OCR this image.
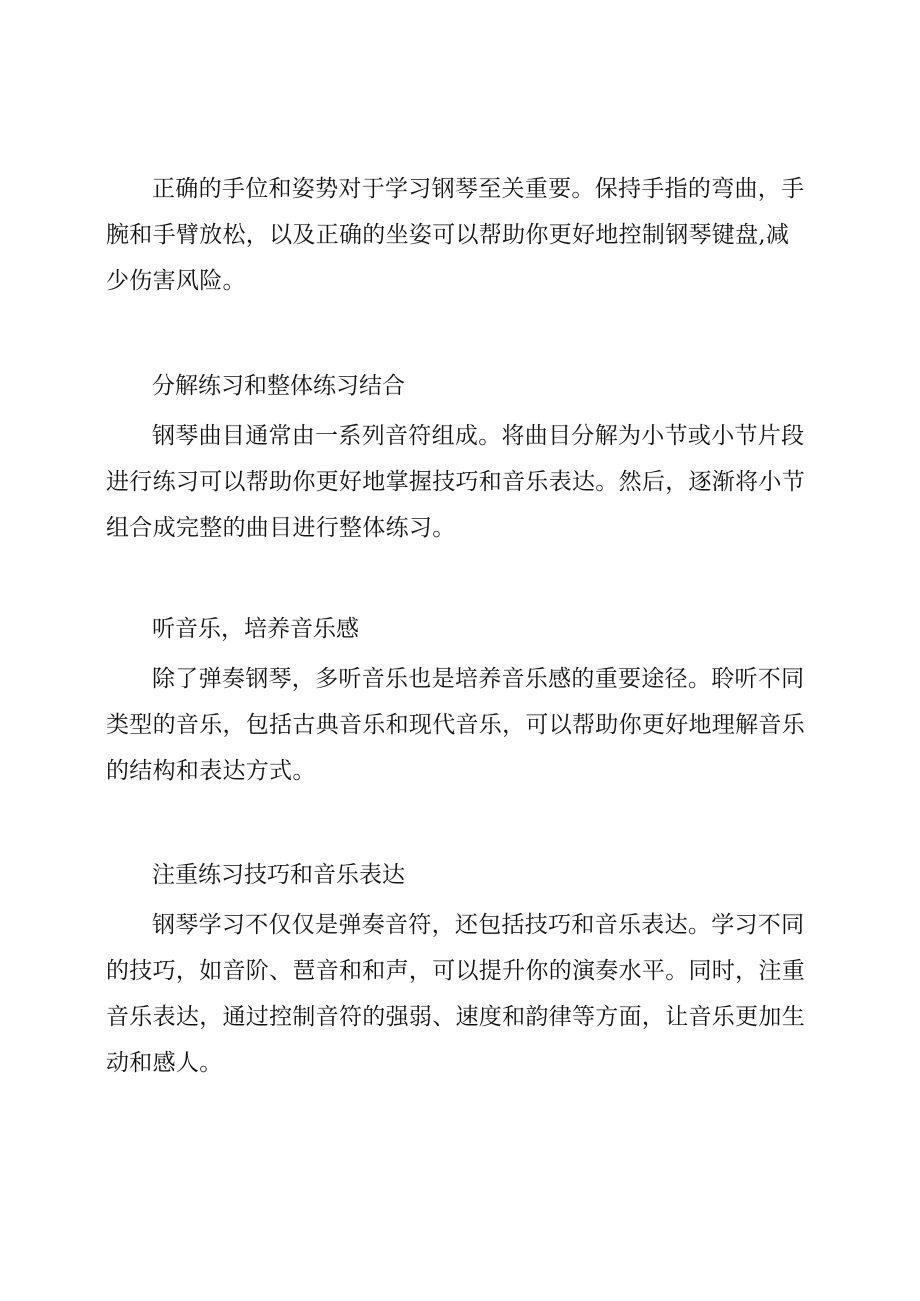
正确的手位和姿势对于学习钢琴至关重要。保持手指的弯曲，手腕和手臂放松，以及正确的坐姿可以帮助你更好地控制钢琴键盘,减少伤害风险。

分解练习和整体练习结合

钢琴曲目通常由一系列音符组成。将曲目分解为小节或小节片段进行练习可以帮助你更好地掌握技巧和音乐表达。然后，逐渐将小节组合成完整的曲目进行整体练习。

听音乐，培养音乐感

除了弹奏钢琴，多听音乐也是培养音乐感的重要途径。聆听不同类型的音乐，包括古典音乐和现代音乐，可以帮助你更好地理解音乐的结构和表达方式。

注重练习技巧和音乐表达

钢琴学习不仅仅是弹奏音符，还包括技巧和音乐表达。学习不同的技巧，如音阶、琶音和和声，可以提升你的演奏水平。同时，注重音乐表达，通过控制音符的强弱、速度和韵律等方面，让音乐更加生动和感人。
